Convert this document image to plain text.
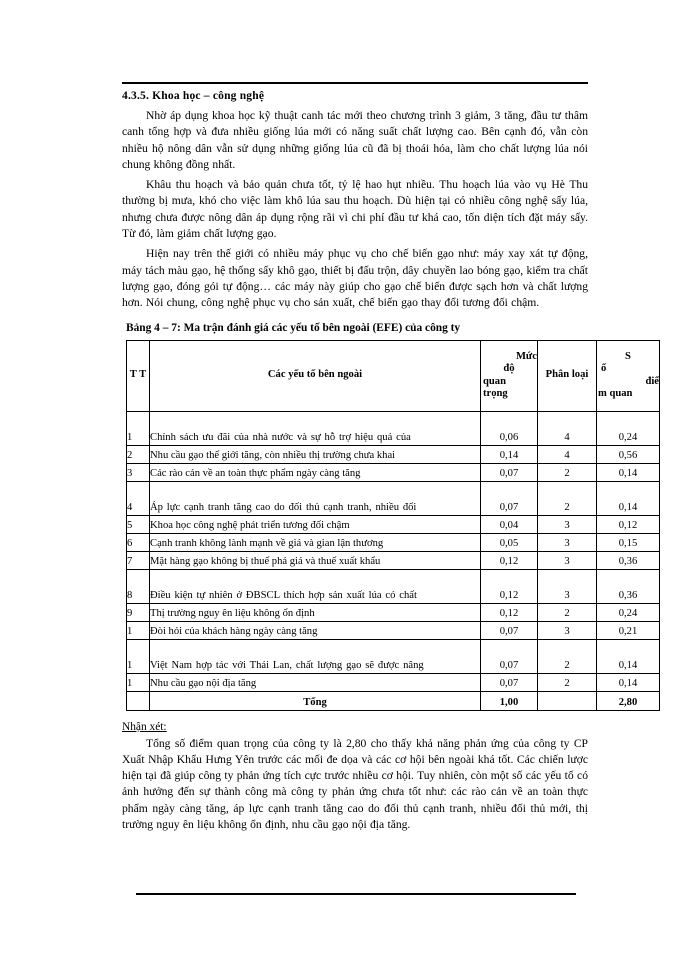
4.3.5. Khoa học – công nghệ

Nhờ áp dụng khoa học kỹ thuật canh tác mới theo chương trình 3 giảm, 3 tăng, đầu tư thâm canh tổng hợp và đưa nhiều giống lúa mới có năng suất chất lượng cao. Bên cạnh đó, vẫn còn nhiều hộ nông dân vẫn sử dụng những giống lúa cũ đã bị thoái hóa, làm cho chất lượng lúa nói chung không đồng nhất.

Khâu thu hoạch và bảo quản chưa tốt, tỷ lệ hao hụt nhiều. Thu hoạch lúa vào vụ Hè Thu thường bị mưa, khó cho việc làm khô lúa sau thu hoạch. Dù hiện tại có nhiều công nghệ sấy lúa, nhưng chưa được nông dân áp dụng rộng rãi vì chi phí đầu tư khá cao, tốn diện tích đặt máy sấy. Từ đó, làm giảm chất lượng gạo.

Hiện nay trên thế giới có nhiều máy phục vụ cho chế biến gạo như: máy xay xát tự động, máy tách màu gạo, hệ thống sấy khô gạo, thiết bị đấu trộn, dây chuyền lao bóng gạo, kiểm tra chất lượng gạo, đóng gói tự động… các máy này giúp cho gạo chế biến được sạch hơn và chất lượng hơn. Nói chung, công nghệ phục vụ cho sản xuất, chế biến gạo thay đổi tương đối chậm.

Bảng 4 – 7: Ma trận đánh giá các yếu tố bên ngoài (EFE) của công ty
T T	Các yếu tố bên ngoài	Mức
độ
quan
trọng	Phân loại	S
ố
điể
m quan

1	Chính sách ưu đãi của nhà nước và sự hỗ trợ hiệu quả của	0,06	4	0,24
2	Nhu cầu gạo thế giới tăng, còn nhiều thị trường chưa khai	0,14	4	0,56
3	Các rào cản về an toàn thực phẩm ngày càng tăng	0,07	2	0,14
4	Áp lực cạnh tranh tăng cao do đối thủ cạnh tranh, nhiều đối	0,07	2	0,14
5	Khoa học công nghệ phát triển tương đối chậm	0,04	3	0,12
6	Cạnh tranh không lành mạnh về giá và gian lận thương	0,05	3	0,15
7	Mặt hàng gạo không bị thuế phá giá và thuế xuất khẩu	0,12	3	0,36
8	Điều kiện tự nhiên ở ĐBSCL thích hợp sản xuất lúa có chất	0,12	3	0,36
9	Thị trường nguy ên liệu không ổn định	0,12	2	0,24
1	Đòi hỏi của khách hàng ngày càng tăng	0,07	3	0,21
1	Việt Nam hợp tác với Thái Lan, chất lượng gạo sẽ được nâng	0,07	2	0,14
1	Nhu cầu gạo nội địa tăng	0,07	2	0,14
	Tổng	1,00		2,80
Nhận xét:

Tổng số điểm quan trọng của công ty là 2,80 cho thấy khả năng phản ứng của công ty CP Xuất Nhập Khẩu Hưng Yên trước các mối đe dọa và các cơ hội bên ngoài khá tốt. Các chiến lược hiện tại đã giúp công ty phản ứng tích cực trước nhiều cơ hội. Tuy nhiên, còn một số các yếu tố có ảnh hưởng đến sự thành công mà công ty phản ứng chưa tốt như: các rào cản về an toàn thực phẩm ngày càng tăng, áp lực cạnh tranh tăng cao do đối thủ cạnh tranh, nhiều đối thủ mới, thị trường nguy ên liệu không ổn định, nhu cầu gạo nội địa tăng.
